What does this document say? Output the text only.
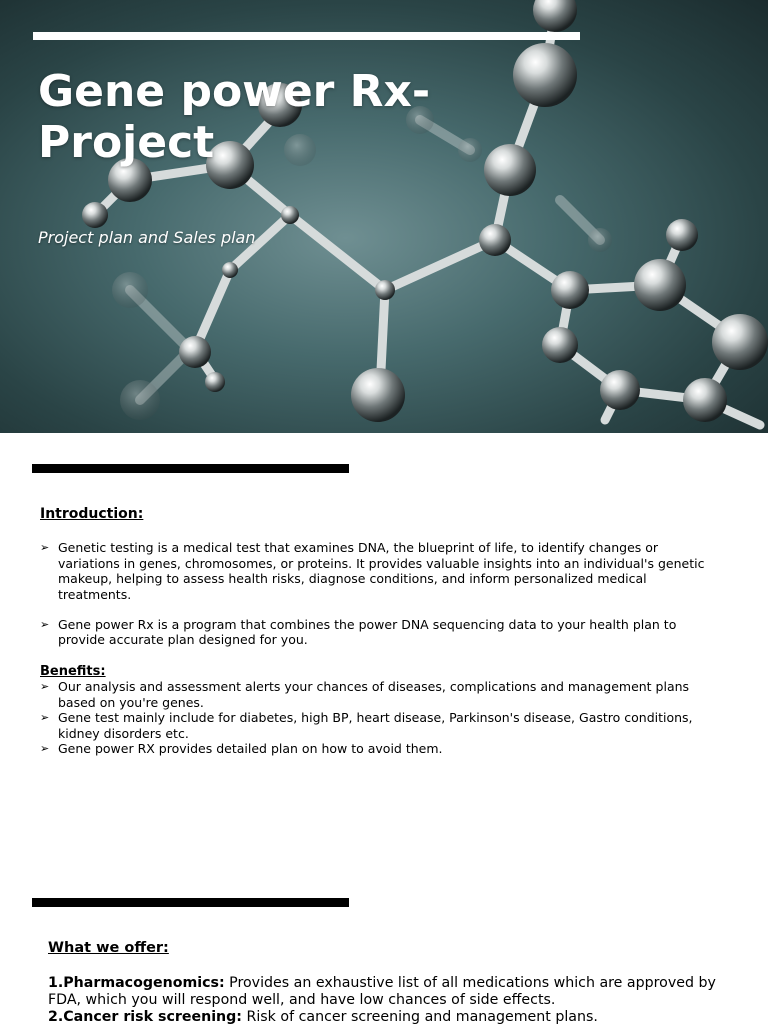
Gene power Rx-
Project
Project plan and Sales plan
Introduction:
➢ Genetic testing is a medical test that examines DNA, the blueprint of life, to identify changes or variations in genes, chromosomes, or proteins. It provides valuable insights into an individual's genetic makeup, helping to assess health risks, diagnose conditions, and inform personalized medical treatments.
➢ Gene power Rx is a program that combines the power DNA sequencing data to your health plan to provide accurate plan designed for you.
Benefits:
➢ Our analysis and assessment alerts your chances of diseases, complications and management plans based on you're genes.
➢ Gene test mainly include for diabetes, high BP, heart disease, Parkinson's disease, Gastro conditions, kidney disorders etc.
➢ Gene power RX provides detailed plan on how to avoid them.
What we offer:

1.Pharmacogenomics: Provides an exhaustive list of all medications which are approved by FDA, which you will respond well, and have low chances of side effects.

2.Cancer risk screening: Risk of cancer screening and management plans.
